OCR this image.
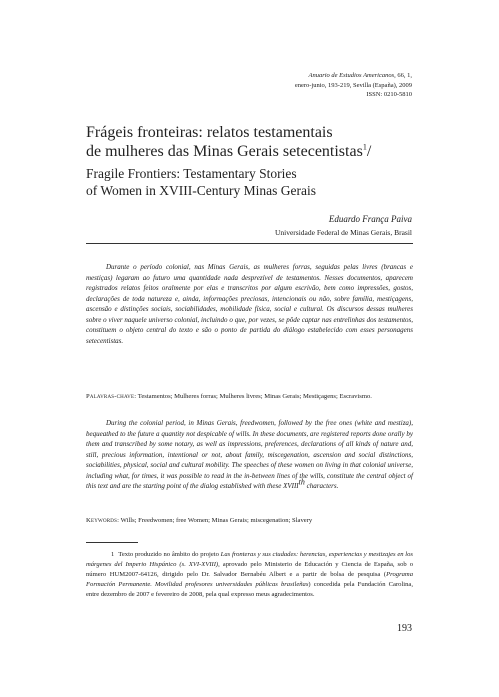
Anuario de Estudios Americanos, 66, 1,
enero-junio, 193-219, Sevilla (España), 2009
ISSN: 0210-5810
Frágeis fronteiras: relatos testamentais
de mulheres das Minas Gerais setecentistas$^1$/
Fragile Frontiers: Testamentary Stories
of Women in XVIII-Century Minas Gerais
Eduardo França Paiva
Universidade Federal de Minas Gerais, Brasil
Durante o período colonial, nas Minas Gerais, as mulheres forras, seguidas pelas livres (brancas e mestiças) legaram ao futuro uma quantidade nada desprezível de testamentos. Nesses documentos, aparecem registrados relatos feitos oralmente por elas e transcritos por algum escrivão, bem como impressões, gostos, declarações de toda natureza e, ainda, informações preciosas, intencionais ou não, sobre família, mestiçagens, ascensão e distinções sociais, sociabilidades, mobilidade física, social e cultural. Os discursos dessas mulheres sobre o viver naquele universo colonial, incluindo o que, por vezes, se pôde captar nas entrelinhas dos testamentos, constituem o objeto central do texto e são o ponto de partida do diálogo estabelecido com esses personagens setecentistas.
Palavras-chave: Testamentos; Mulheres forras; Mulheres livres; Minas Gerais; Mestiçagens; Escravismo.
During the colonial period, in Minas Gerais, freedwomen, followed by the free ones (white and mestiza), bequeathed to the future a quantity not despicable of wills. In these documents, are registered reports done orally by them and transcribed by some notary, as well as impressions, preferences, declarations of all kinds of nature and, still, precious information, intentional or not, about family, miscegenation, ascension and social distinctions, sociabilities, physical, social and cultural mobility. The speeches of these women on living in that colonial universe, including what, for times, it was possible to read in the in-between lines of the wills, constitute the central object of this text and are the starting point of the dialog established with these XVIIIth characters.
Keywords: Wills; Freedwomen; free Women; Minas Gerais; miscegenation; Slavery
1 Texto produzido no âmbito do projeto Las fronteras y sus ciudades: herencias, experiencias y mestizajes en los márgenes del Imperio Hispánico (s. XVI-XVIII), aprovado pelo Ministerio de Educación y Ciencia de España, sob o número HUM2007-64126, dirigido pelo Dr. Salvador Bernabéu Albert e a partir de bolsa de pesquisa (Programa Formación Permanente. Movilidad profesores universidades públicas brasileñas) concedida pela Fundación Carolina, entre dezembro de 2007 e fevereiro de 2008, pela qual expresso meus agradecimentos.
193
